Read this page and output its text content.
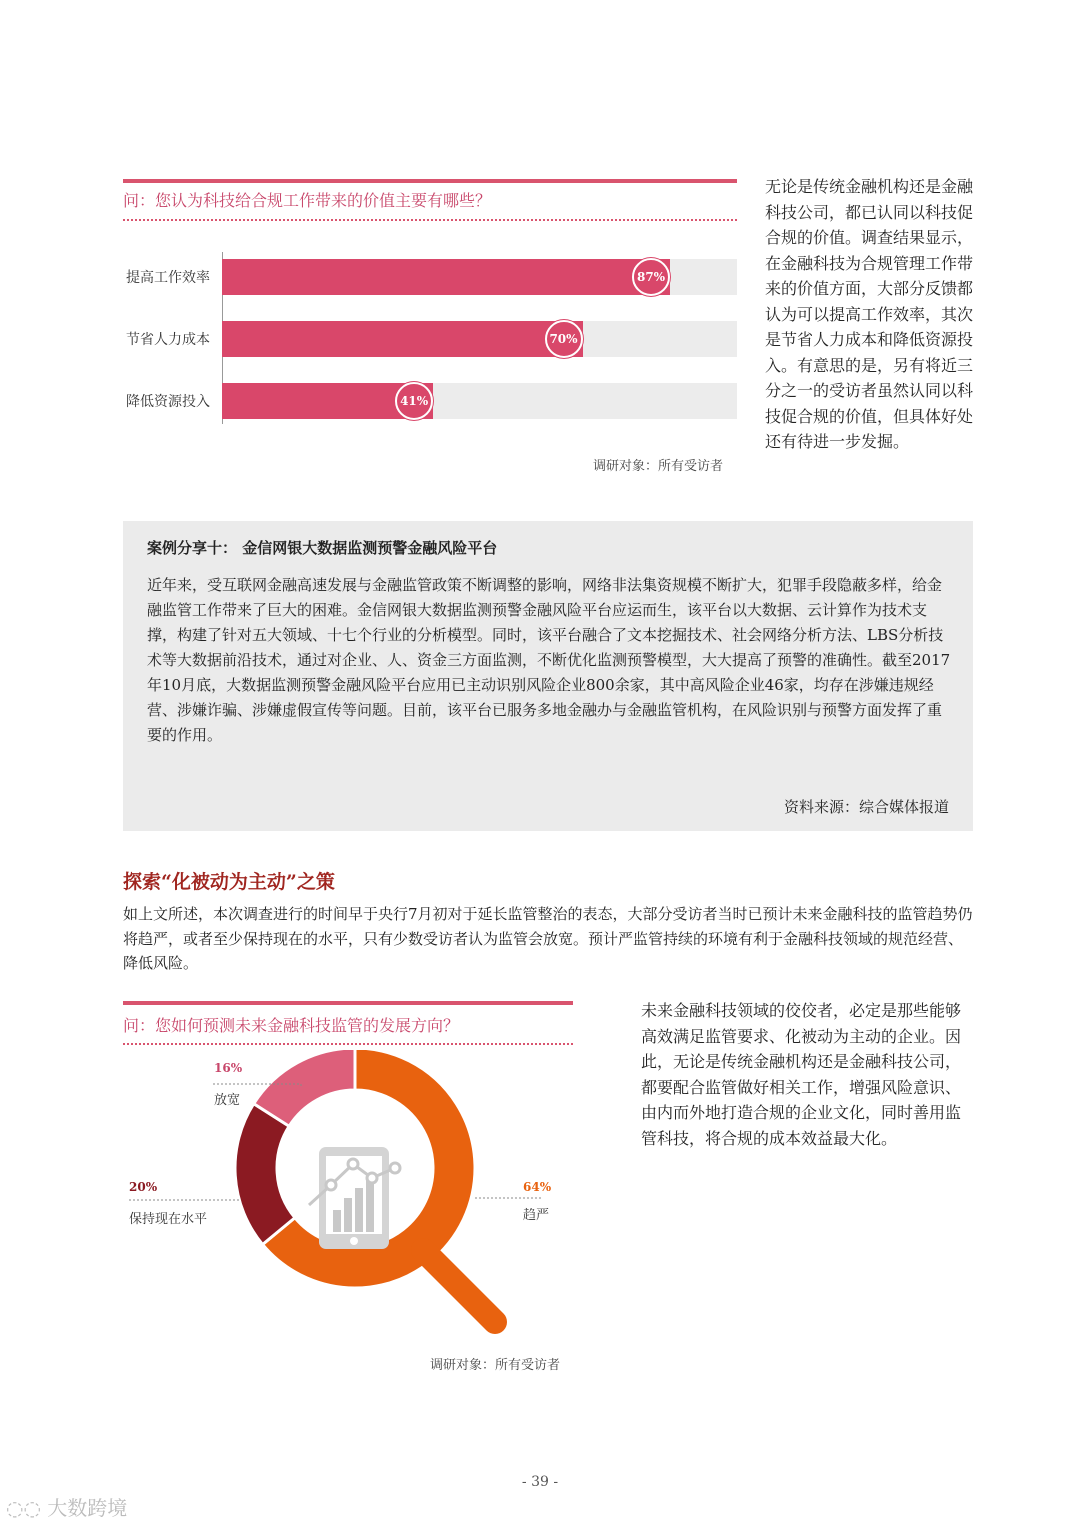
问：您认为科技给合规工作带来的价值主要有哪些？
提高工作效率	87%
节省人力成本	70%
降低资源投入	41%
调研对象：所有受访者
无论是传统金融机构还是金融科技公司，都已认同以科技促合规的价值。调查结果显示，在金融科技为合规管理工作带来的价值方面，大部分反馈都认为可以提高工作效率，其次是节省人力成本和降低资源投入。有意思的是，另有将近三分之一的受访者虽然认同以科技促合规的价值，但具体好处还有待进一步发掘。
案例分享十： 金信网银大数据监测预警金融风险平台
近年来，受互联网金融高速发展与金融监管政策不断调整的影响，网络非法集资规模不断扩大，犯罪手段隐蔽多样，给金融监管工作带来了巨大的困难。金信网银大数据监测预警金融风险平台应运而生，该平台以大数据、云计算作为技术支撑，构建了针对五大领域、十七个行业的分析模型。同时，该平台融合了文本挖掘技术、社会网络分析方法、LBS分析技术等大数据前沿技术，通过对企业、人、资金三方面监测，不断优化监测预警模型，大大提高了预警的准确性。截至2017年10月底，大数据监测预警金融风险平台应用已主动识别风险企业800余家，其中高风险企业46家，均存在涉嫌违规经营、涉嫌诈骗、涉嫌虚假宣传等问题。目前，该平台已服务多地金融办与金融监管机构，在风险识别与预警方面发挥了重要的作用。
资料来源：综合媒体报道
探索“化被动为主动”之策
如上文所述，本次调查进行的时间早于央行7月初对于延长监管整治的表态，大部分受访者当时已预计未来金融科技的监管趋势仍将趋严，或者至少保持现在的水平，只有少数受访者认为监管会放宽。预计严监管持续的环境有利于金融科技领域的规范经营、降低风险。
问：您如何预测未来金融科技监管的发展方向？
16%
放宽
20%
保持现在水平
64%
趋严
调研对象：所有受访者
未来金融科技领域的佼佼者，必定是那些能够高效满足监管要求、化被动为主动的企业。因此，无论是传统金融机构还是金融科技公司，都要配合监管做好相关工作，增强风险意识、由内而外地打造合规的企业文化，同时善用监管科技，将合规的成本效益最大化。
- 39 -
◌◌ 大数跨境
